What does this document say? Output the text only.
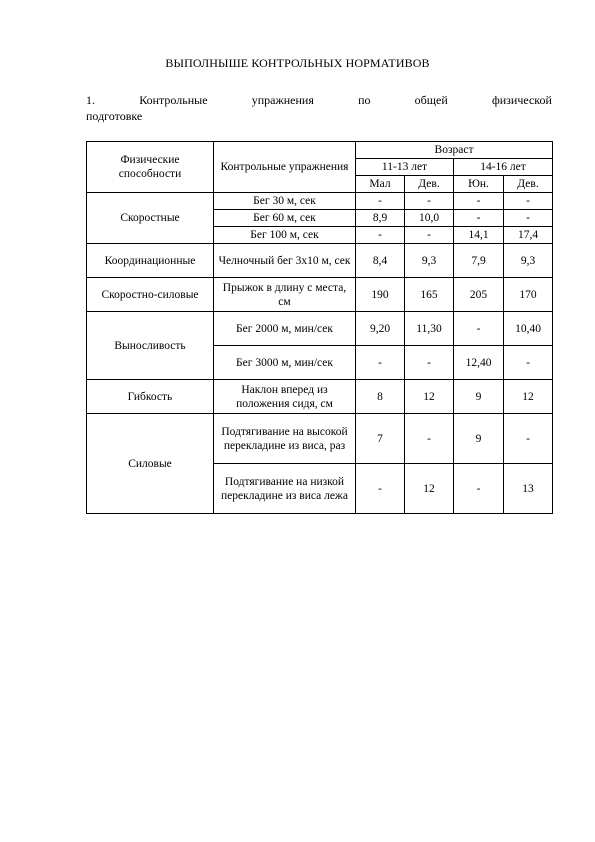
ВЫПОЛНЫШЕ КОНТРОЛЬНЫХ НОРМАТИВОВ
1.	Контрольные	упражнения	по	общей	физической
подготовке
Физические способности	Контрольные упражнения	Возраст			
		11-13 лет		14-16 лет	
		Мал	Дев.	Юн.	Дев.
Скоростные	Бег 30 м, сек	-	-	-	-
	Бег 60 м, сек	8,9	10,0	-	-
	Бег 100 м, сек	-	-	14,1	17,4
Координационные	Челночный бег 3х10 м, сек	8,4	9,3	7,9	9,3
Скоростно-силовые	Прыжок в длину с места, см	190	165	205	170
Выносливость	Бег 2000 м, мин/сек	9,20	11,30	-	10,40
	Бег 3000 м, мин/сек	-	-	12,40	-
Гибкость	Наклон вперед из положения сидя, см	8	12	9	12
Силовые	Подтягивание на высокой перекладине из виса, раз	7	-	9	-
	Подтягивание на низкой перекладине из виса лежа	-	12	-	13
